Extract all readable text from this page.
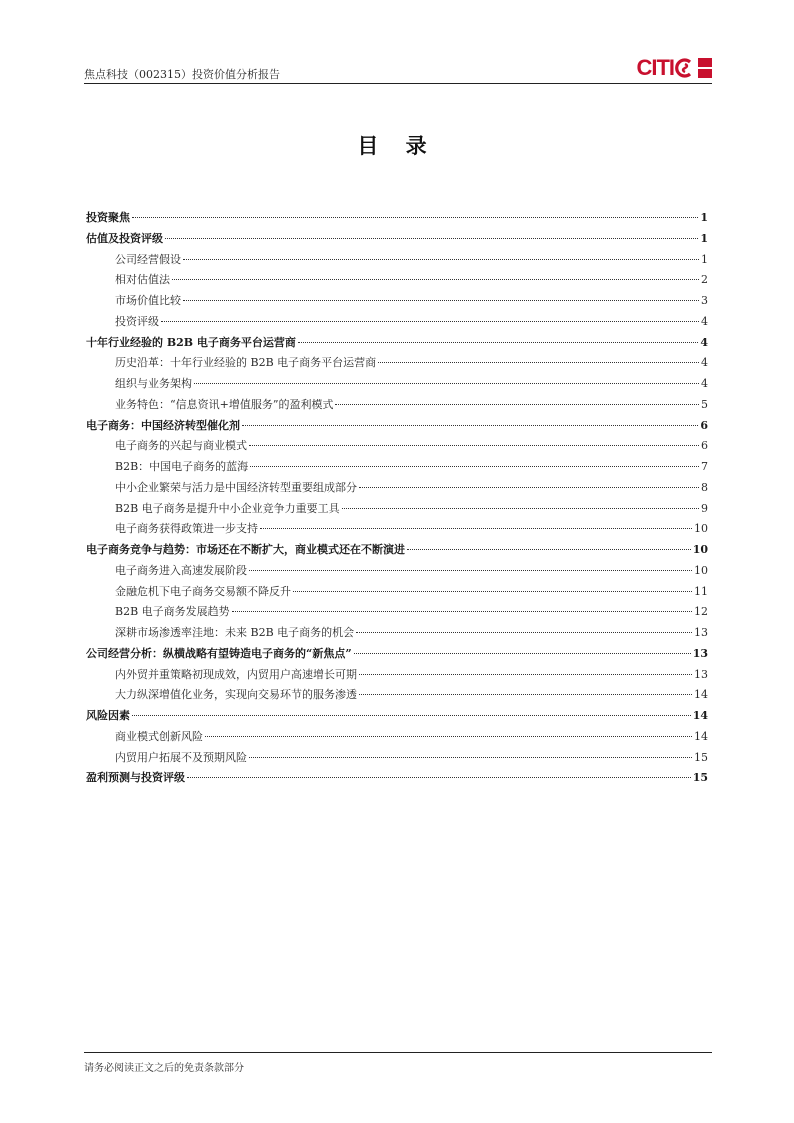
焦点科技（002315）投资价值分析报告	CITI
目 录
投资聚焦	1
估值及投资评级	1
公司经营假设	1
相对估值法	2
市场价值比较	3
投资评级	4
十年行业经验的 B2B 电子商务平台运营商	4
历史沿革：十年行业经验的 B2B 电子商务平台运营商	4
组织与业务架构	4
业务特色：“信息资讯+增值服务”的盈利模式	5
电子商务：中国经济转型催化剂	6
电子商务的兴起与商业模式	6
B2B：中国电子商务的蓝海	7
中小企业繁荣与活力是中国经济转型重要组成部分	8
B2B 电子商务是提升中小企业竞争力重要工具	9
电子商务获得政策进一步支持	10
电子商务竞争与趋势：市场还在不断扩大，商业模式还在不断演进	10
电子商务进入高速发展阶段	10
金融危机下电子商务交易额不降反升	11
B2B 电子商务发展趋势	12
深耕市场渗透率洼地：未来 B2B 电子商务的机会	13
公司经营分析：纵横战略有望铸造电子商务的“新焦点”	13
内外贸并重策略初现成效，内贸用户高速增长可期	13
大力纵深增值化业务，实现向交易环节的服务渗透	14
风险因素	14
商业模式创新风险	14
内贸用户拓展不及预期风险	15
盈利预测与投资评级	15
请务必阅读正文之后的免责条款部分
